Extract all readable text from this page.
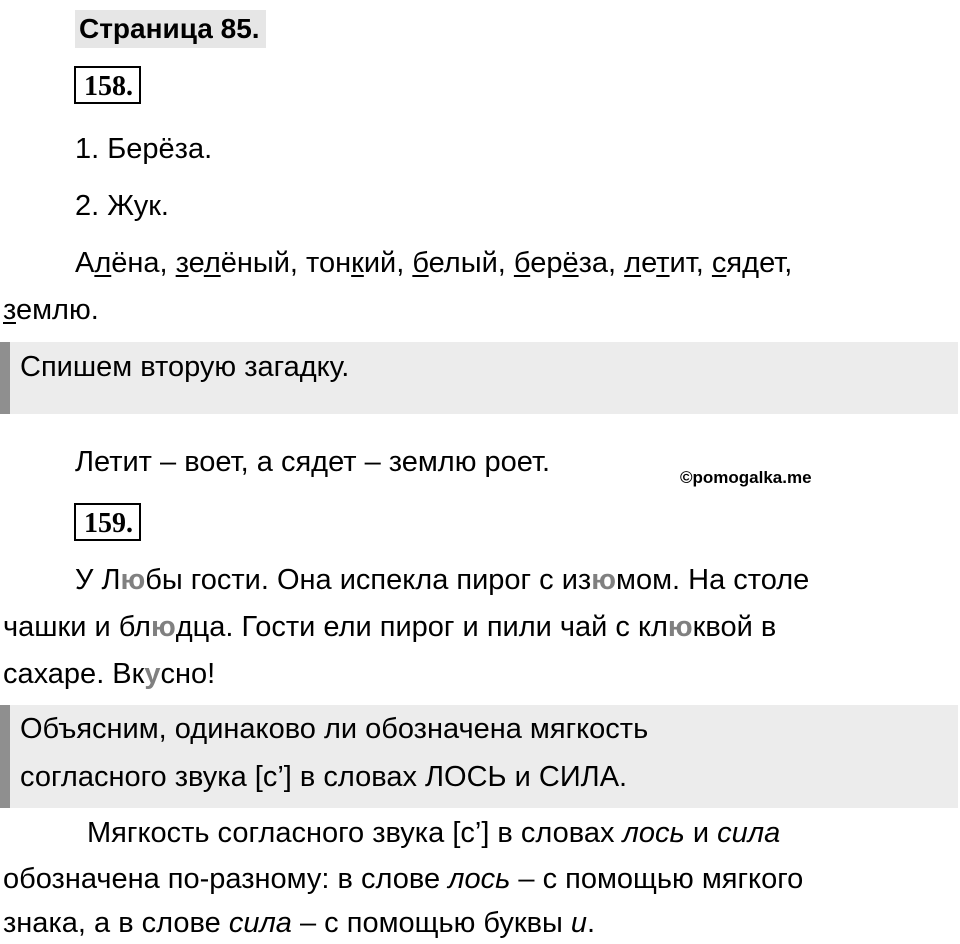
Страница 85.
158.
1. Берёза.
2. Жук.
Алёна, зелёный, тонкий, белый, берёза, летит, сядет,
землю.
Спишем вторую загадку.
Летит – воет, а сядет – землю роет.	©pomogalka.me
159.
У Любы гости. Она испекла пирог с изюмом. На столе
чашки и блюдца. Гости ели пирог и пили чай с клюквой в
сахаре. Вкусно!
Объясним, одинаково ли обозначена мягкость
согласного звука [с’] в словах ЛОСЬ и СИЛА.
Мягкость согласного звука [с’] в словах лось и сила
обозначена по-разному: в слове лось – с помощью мягкого
знака, а в слове сила – с помощью буквы и.
